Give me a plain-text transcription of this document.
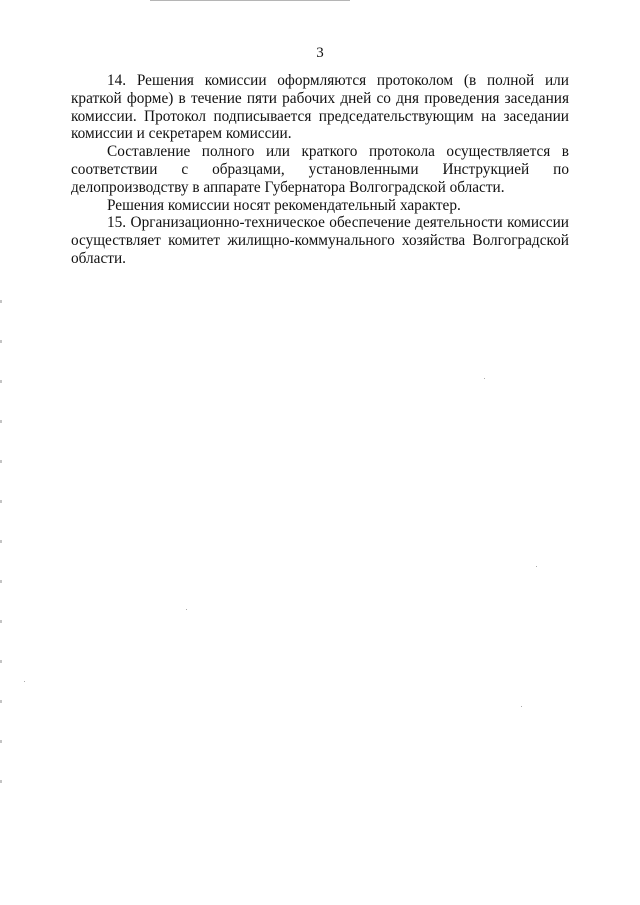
3

14. Решения комиссии оформляются протоколом (в полной или краткой форме) в течение пяти рабочих дней со дня проведения заседания комиссии. Протокол подписывается председательствующим на заседании комиссии и секретарем комиссии.

Составление полного или краткого протокола осуществляется в соответствии с образцами, установленными Инструкцией по делопроизводству в аппарате Губернатора Волгоградской области.

Решения комиссии носят рекомендательный характер.

15. Организационно-техническое обеспечение деятельности комиссии осуществляет комитет жилищно-коммунального хозяйства Волгоградской области.
